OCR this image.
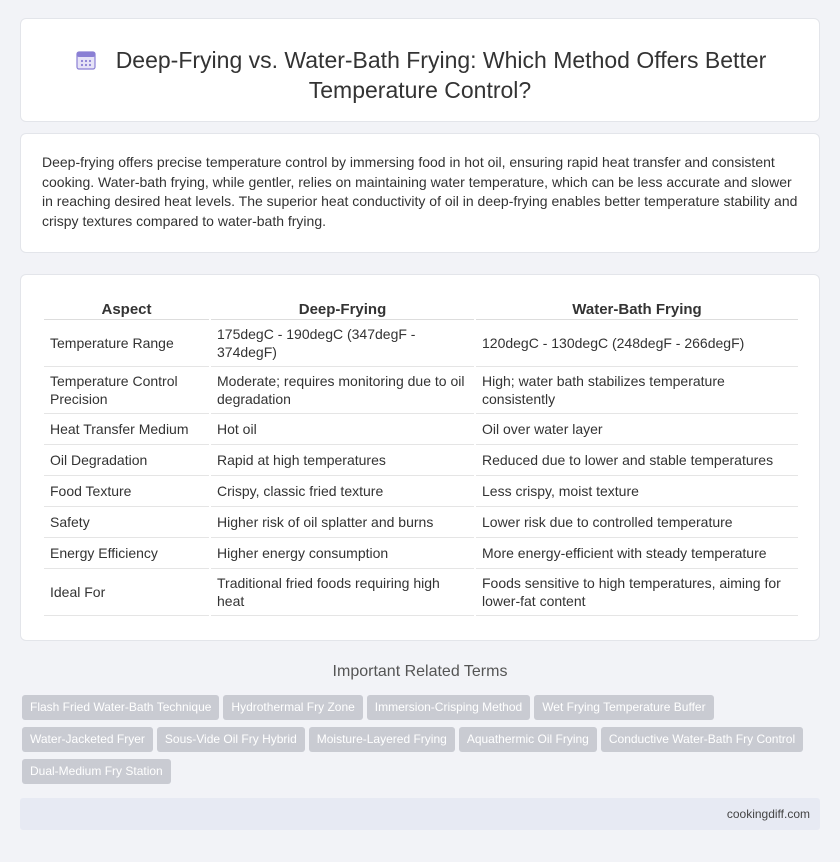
Deep-Frying vs. Water-Bath Frying: Which Method Offers Better Temperature Control?

Deep-frying offers precise temperature control by immersing food in hot oil, ensuring rapid heat transfer and consistent cooking. Water-bath frying, while gentler, relies on maintaining water temperature, which can be less accurate and slower in reaching desired heat levels. The superior heat conductivity of oil in deep-frying enables better temperature stability and crispy textures compared to water-bath frying.

Aspect	Deep-Frying	Water-Bath Frying
Temperature Range	175degC - 190degC (347degF - 374degF)	120degC - 130degC (248degF - 266degF)
Temperature Control Precision	Moderate; requires monitoring due to oil degradation	High; water bath stabilizes temperature consistently
Heat Transfer Medium	Hot oil	Oil over water layer
Oil Degradation	Rapid at high temperatures	Reduced due to lower and stable temperatures
Food Texture	Crispy, classic fried texture	Less crispy, moist texture
Safety	Higher risk of oil splatter and burns	Lower risk due to controlled temperature
Energy Efficiency	Higher energy consumption	More energy-efficient with steady temperature
Ideal For	Traditional fried foods requiring high heat	Foods sensitive to high temperatures, aiming for lower-fat content
Important Related Terms
Flash Fried Water-Bath Technique Hydrothermal Fry Zone Immersion-Crisping Method Wet Frying Temperature Buffer
Water-Jacketed Fryer Sous-Vide Oil Fry Hybrid Moisture-Layered Frying Aquathermic Oil Frying Conductive Water-Bath Fry Control
Dual-Medium Fry Station
cookingdiff.com
